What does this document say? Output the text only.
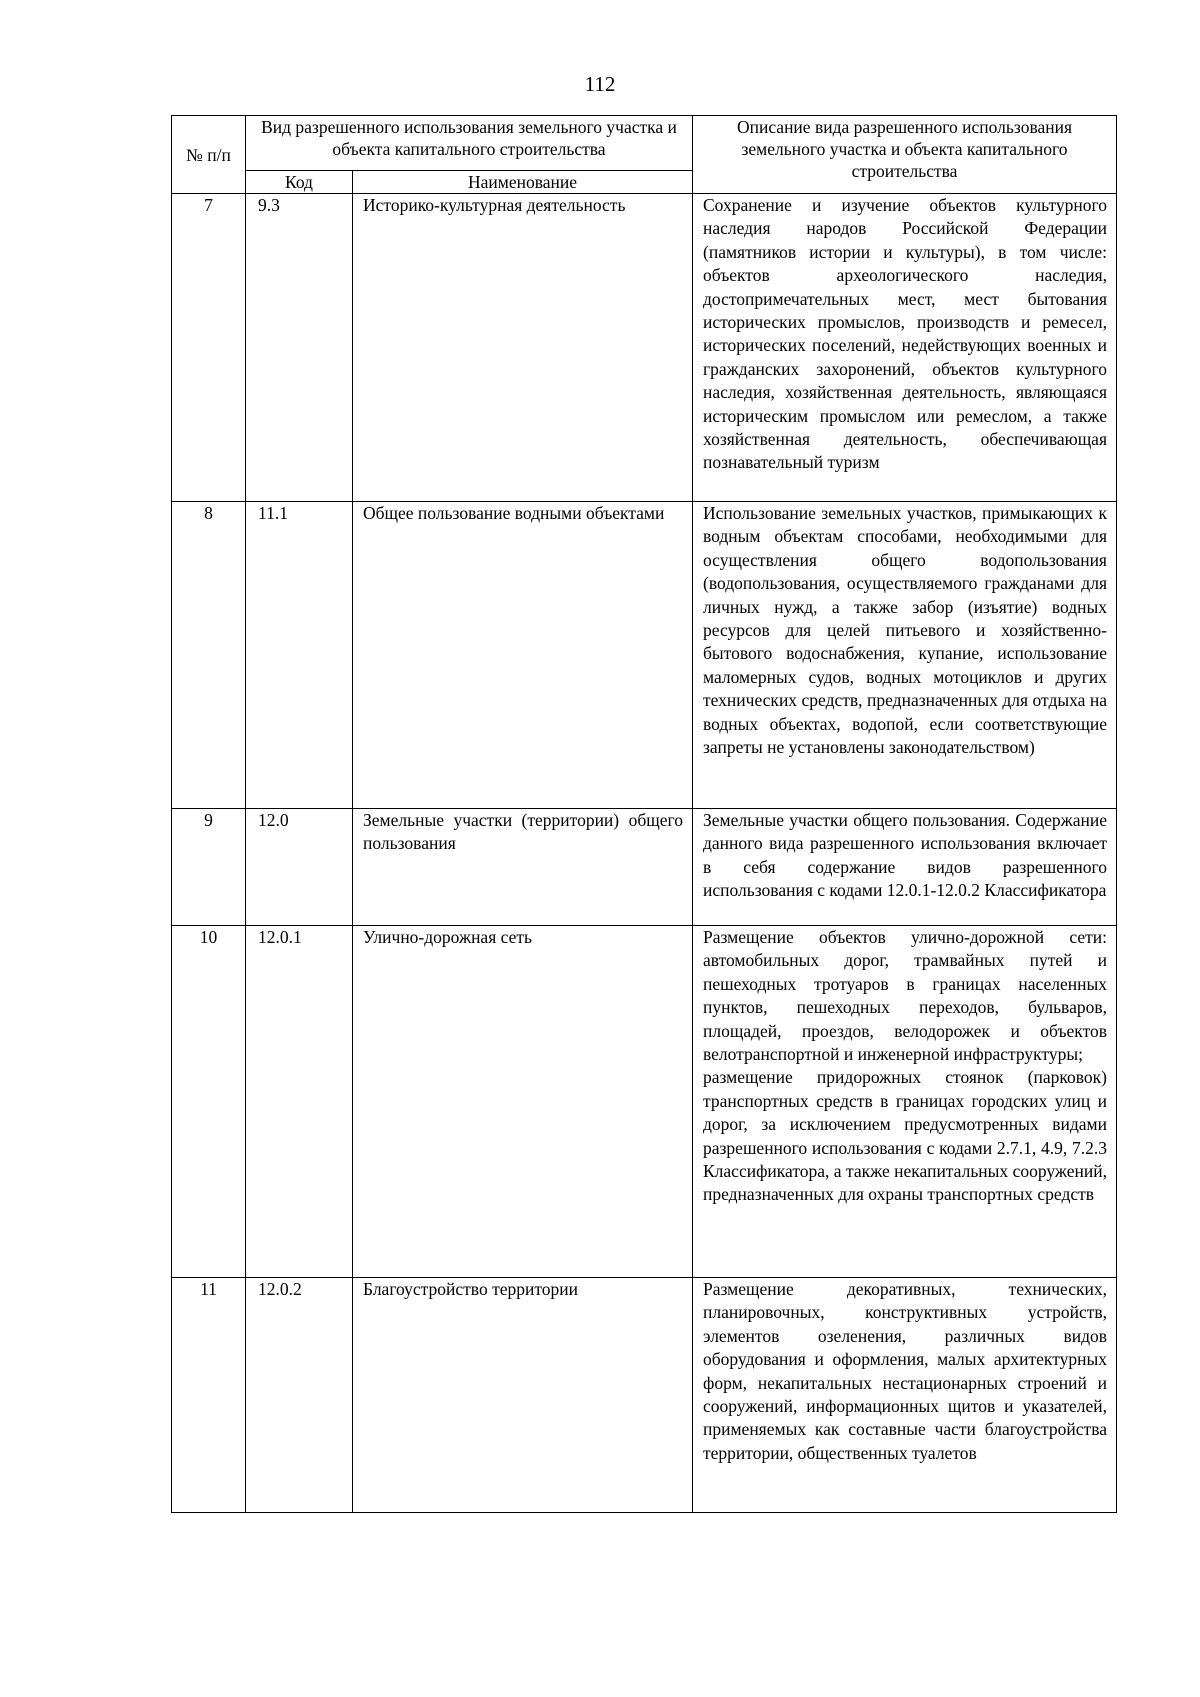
112
№ п/п	Вид разрешенного использования земельного участка и объекта капитального строительства		Описание вида разрешенного использования земельного участка и объекта капитального строительства
	Код	Наименование	
7	9.3	Историко-культурная деятельность	Сохранение и изучение объектов культурного наследия народов Российской Федерации (памятников истории и культуры), в том числе: объектов археологического наследия, достопримечательных мест, мест бытования исторических промыслов, производств и ремесел, исторических поселений, недействующих военных и гражданских захоронений, объектов культурного наследия, хозяйственная деятельность, являющаяся историческим промыслом или ремеслом, а также хозяйственная деятельность, обеспечивающая познавательный туризм
8	11.1	Общее пользование водными объектами	Использование земельных участков, примыкающих к водным объектам способами, необходимыми для осуществления общего водопользования (водопользования, осуществляемого гражданами для личных нужд, а также забор (изъятие) водных ресурсов для целей питьевого и хозяйственно-бытового водоснабжения, купание, использование маломерных судов, водных мотоциклов и других технических средств, предназначенных для отдыха на водных объектах, водопой, если соответствующие запреты не установлены законодательством)
9	12.0	Земельные участки (территории) общего пользования	Земельные участки общего пользования. Содержание данного вида разрешенного использования включает в себя содержание видов разрешенного использования с кодами 12.0.1-12.0.2 Классификатора
10	12.0.1	Улично-дорожная сеть	Размещение объектов улично-дорожной сети: автомобильных дорог, трамвайных путей и пешеходных тротуаров в границах населенных пунктов, пешеходных переходов, бульваров, площадей, проездов, велодорожек и объектов велотранспортной и инженерной инфраструктуры;
размещение придорожных стоянок (парковок) транспортных средств в границах городских улиц и дорог, за исключением предусмотренных видами разрешенного использования с кодами 2.7.1, 4.9, 7.2.3 Классификатора, а также некапитальных сооружений, предназначенных для охраны транспортных средств

11	12.0.2	Благоустройство территории	Размещение декоративных, технических, планировочных, конструктивных устройств, элементов озеленения, различных видов оборудования и оформления, малых архитектурных форм, некапитальных нестационарных строений и сооружений, информационных щитов и указателей, применяемых как составные части благоустройства территории, общественных туалетов
